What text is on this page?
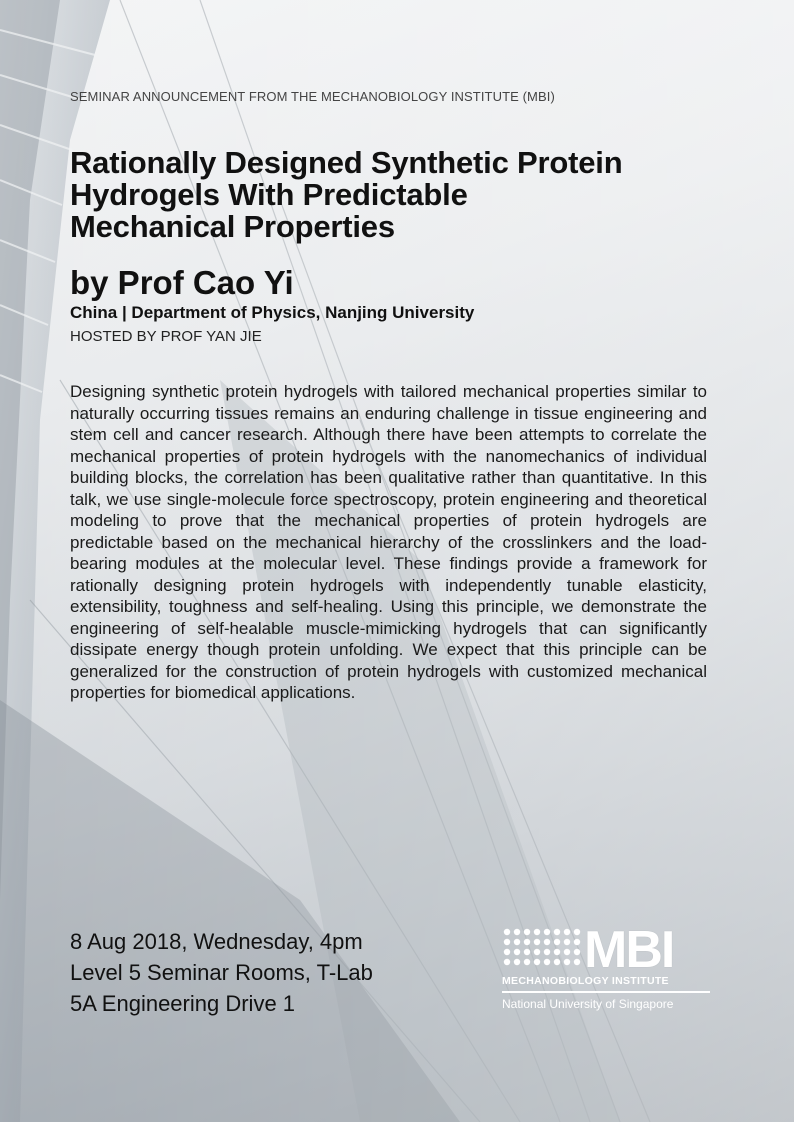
SEMINAR ANNOUNCEMENT FROM THE MECHANOBIOLOGY INSTITUTE (MBI)
Rationally Designed Synthetic Protein
Hydrogels With Predictable
Mechanical Properties
by Prof Cao Yi
China | Department of Physics, Nanjing University
HOSTED BY PROF YAN JIE

Designing synthetic protein hydrogels with tailored mechanical properties similar to naturally occurring tissues remains an enduring challenge in tissue engineering and stem cell and cancer research. Although there have been attempts to correlate the mechanical properties of protein hydrogels with the nanomechanics of individual building blocks, the correlation has been qualitative rather than quantitative. In this talk, we use single-molecule force spectroscopy, protein engineering and theoretical modeling to prove that the mechanical properties of protein hydrogels are predictable based on the mechanical hierarchy of the crosslinkers and the load-bearing modules at the molecular level. These findings provide a framework for rationally designing protein hydrogels with independently tunable elasticity, extensibility, toughness and self-healing. Using this principle, we demonstrate the engineering of self-healable muscle-mimicking hydrogels that can significantly dissipate energy though protein unfolding. We expect that this principle can be generalized for the construction of protein hydrogels with customized mechanical properties for biomedical applications.

8 Aug 2018, Wednesday, 4pm
Level 5 Seminar Rooms, T-Lab
5A Engineering Drive 1
MBI
MECHANOBIOLOGY INSTITUTE
National University of Singapore
